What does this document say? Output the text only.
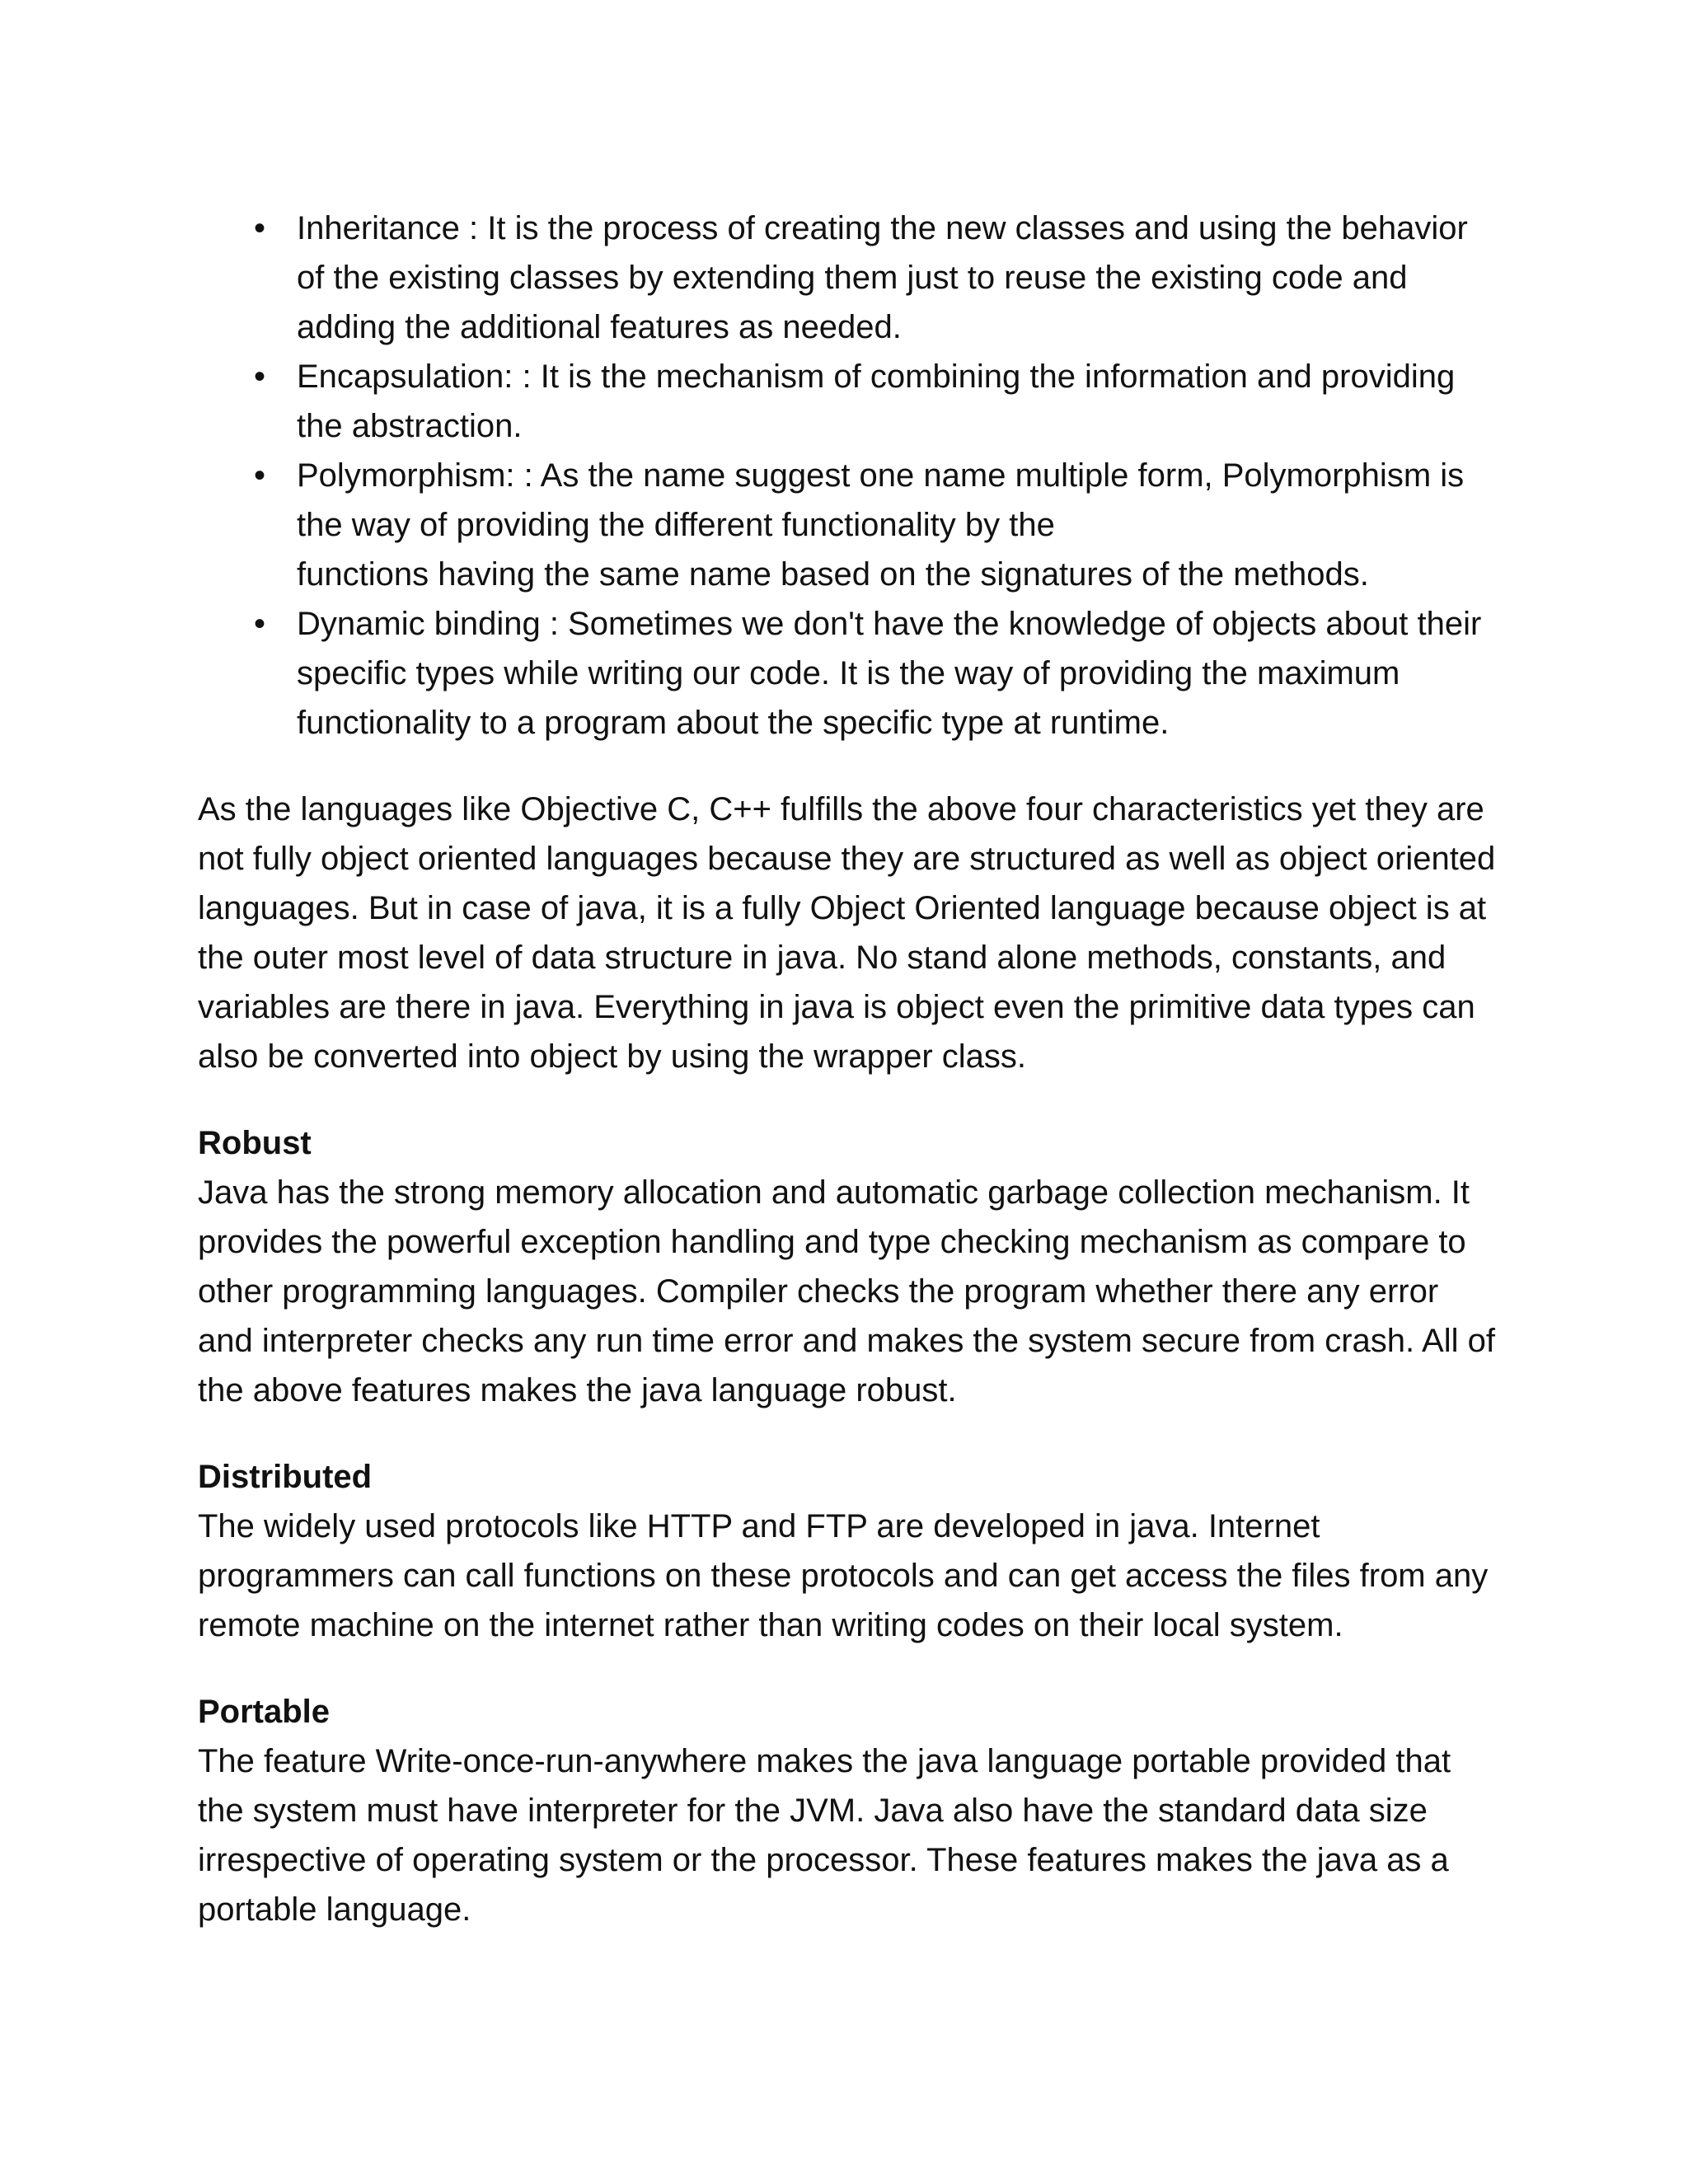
• Inheritance : It is the process of creating the new classes and using the behavior of the existing classes by extending them just to reuse the existing code and adding the additional features as needed.
• Encapsulation: : It is the mechanism of combining the information and providing the abstraction.
• Polymorphism: : As the name suggest one name multiple form, Polymorphism is the way of providing the different functionality by the
functions having the same name based on the signatures of the methods.
• Dynamic binding : Sometimes we don't have the knowledge of objects about their specific types while writing our code. It is the way of providing the maximum functionality to a program about the specific type at runtime.

As the languages like Objective C, C++ fulfills the above four characteristics yet they are not fully object oriented languages because they are structured as well as object oriented languages. But in case of java, it is a fully Object Oriented language because object is at the outer most level of data structure in java. No stand alone methods, constants, and variables are there in java. Everything in java is object even the primitive data types can also be converted into object by using the wrapper class.

Robust

Java has the strong memory allocation and automatic garbage collection mechanism. It provides the powerful exception handling and type checking mechanism as compare to other programming languages. Compiler checks the program whether there any error and interpreter checks any run time error and makes the system secure from crash. All of the above features makes the java language robust.

Distributed

The widely used protocols like HTTP and FTP are developed in java. Internet programmers can call functions on these protocols and can get access the files from any remote machine on the internet rather than writing codes on their local system.

Portable

The feature Write-once-run-anywhere makes the java language portable provided that the system must have interpreter for the JVM. Java also have the standard data size irrespective of operating system or the processor. These features makes the java as a portable language.
